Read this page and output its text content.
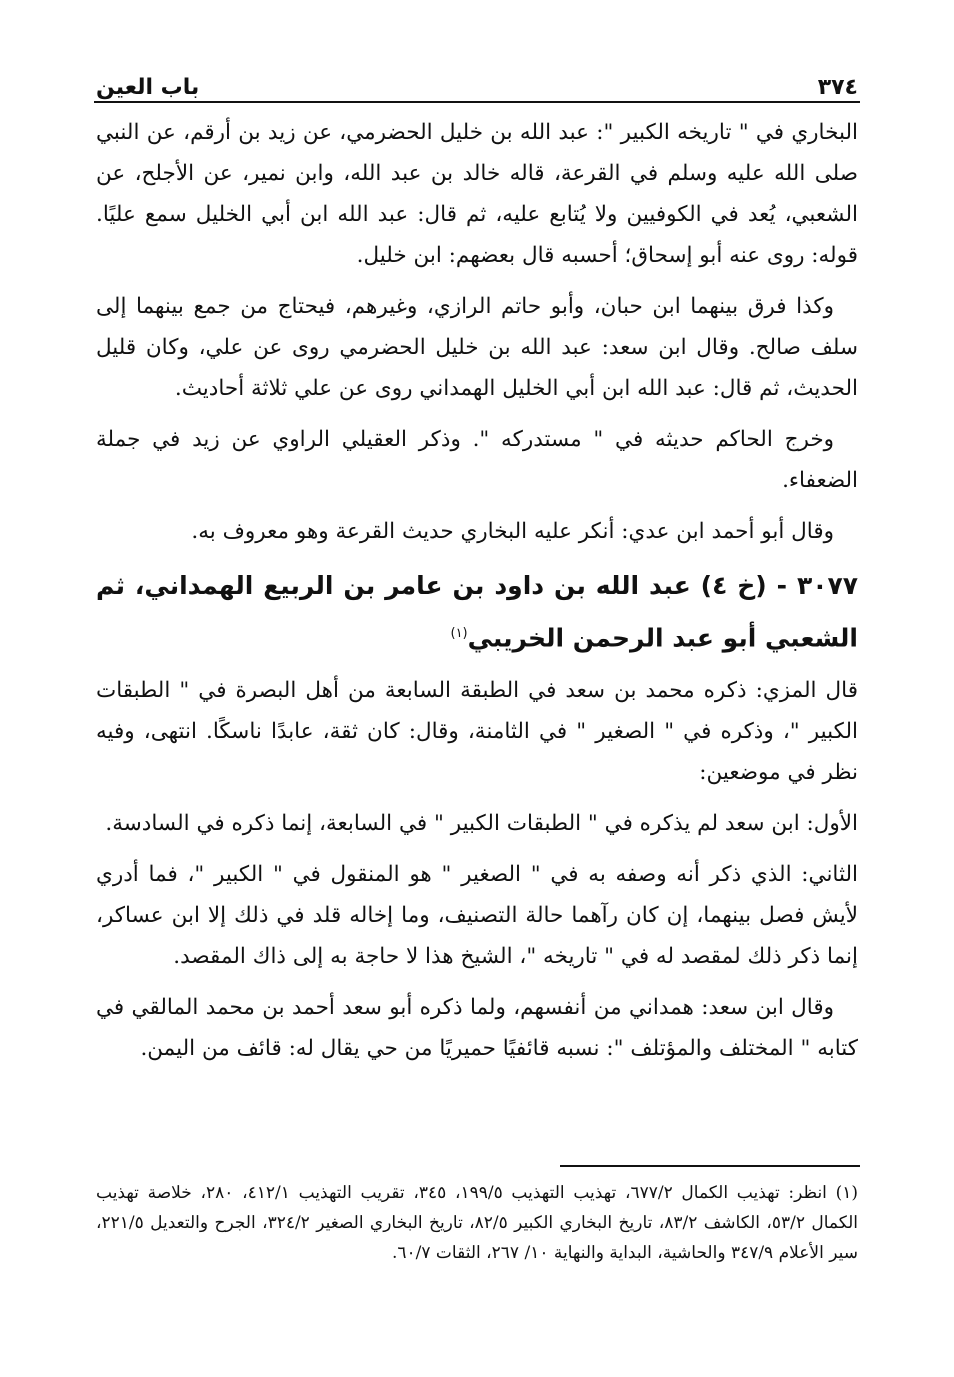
٣٧٤
باب العين

البخاري في " تاريخه الكبير ": عبد الله بن خليل الحضرمي، عن زيد بن أرقم، عن النبي صلى الله عليه وسلم في القرعة، قاله خالد بن عبد الله، وابن نمير، عن الأجلح، عن الشعبي، يُعد في الكوفيين ولا يُتابع عليه، ثم قال: عبد الله ابن أبي الخليل سمع عليًا. قوله: روى عنه أبو إسحاق؛ أحسبه قال بعضهم: ابن خليل.

وكذا فرق بينهما ابن حبان، وأبو حاتم الرازي، وغيرهم، فيحتاج من جمع بينهما إلى سلف صالح. وقال ابن سعد: عبد الله بن خليل الحضرمي روى عن علي، وكان قليل الحديث، ثم قال: عبد الله ابن أبي الخليل الهمداني روى عن علي ثلاثة أحاديث.

وخرج الحاكم حديثه في " مستدركه ". وذكر العقيلي الراوي عن زيد في جملة الضعفاء.

وقال أبو أحمد ابن عدي: أنكر عليه البخاري حديث القرعة وهو معروف به.

٣٠٧٧ - (خ ٤) عبد الله بن داود بن عامر بن الربيع الهمداني، ثم الشعبي أبو عبد الرحمن الخريبي$^{(١)}$

قال المزي: ذكره محمد بن سعد في الطبقة السابعة من أهل البصرة في " الطبقات الكبير "، وذكره في " الصغير " في الثامنة، وقال: كان ثقة، عابدًا ناسكًا. انتهى، وفيه نظر في موضعين:

الأول: ابن سعد لم يذكره في " الطبقات الكبير " في السابعة، إنما ذكره في السادسة.

الثاني: الذي ذكر أنه وصفه به في " الصغير " هو المنقول في " الكبير "، فما أدري لأيش فصل بينهما، إن كان رآهما حالة التصنيف، وما إخاله قلد في ذلك إلا ابن عساكر، إنما ذكر ذلك لمقصد له في " تاريخه "، الشيخ هذا لا حاجة به إلى ذاك المقصد.

وقال ابن سعد: همداني من أنفسهم، ولما ذكره أبو سعد أحمد بن محمد المالقي في كتابه " المختلف والمؤتلف ": نسبه قائفيًا حميريًا من حي يقال له: قائف من اليمن.

(١) انظر: تهذيب الكمال ٦٧٧/٢، تهذيب التهذيب ١٩٩/٥، ٣٤٥، تقريب التهذيب ٤١٢/١، ٢٨٠، خلاصة تهذيب الكمال ٥٣/٢، الكاشف ٨٣/٢، تاريخ البخاري الكبير ٨٢/٥، تاريخ البخاري الصغير ٣٢٤/٢، الجرح والتعديل ٢٢١/٥، سير الأعلام ٣٤٧/٩ والحاشية، البداية والنهاية ١٠/ ٢٦٧، الثقات ٦٠/٧.
